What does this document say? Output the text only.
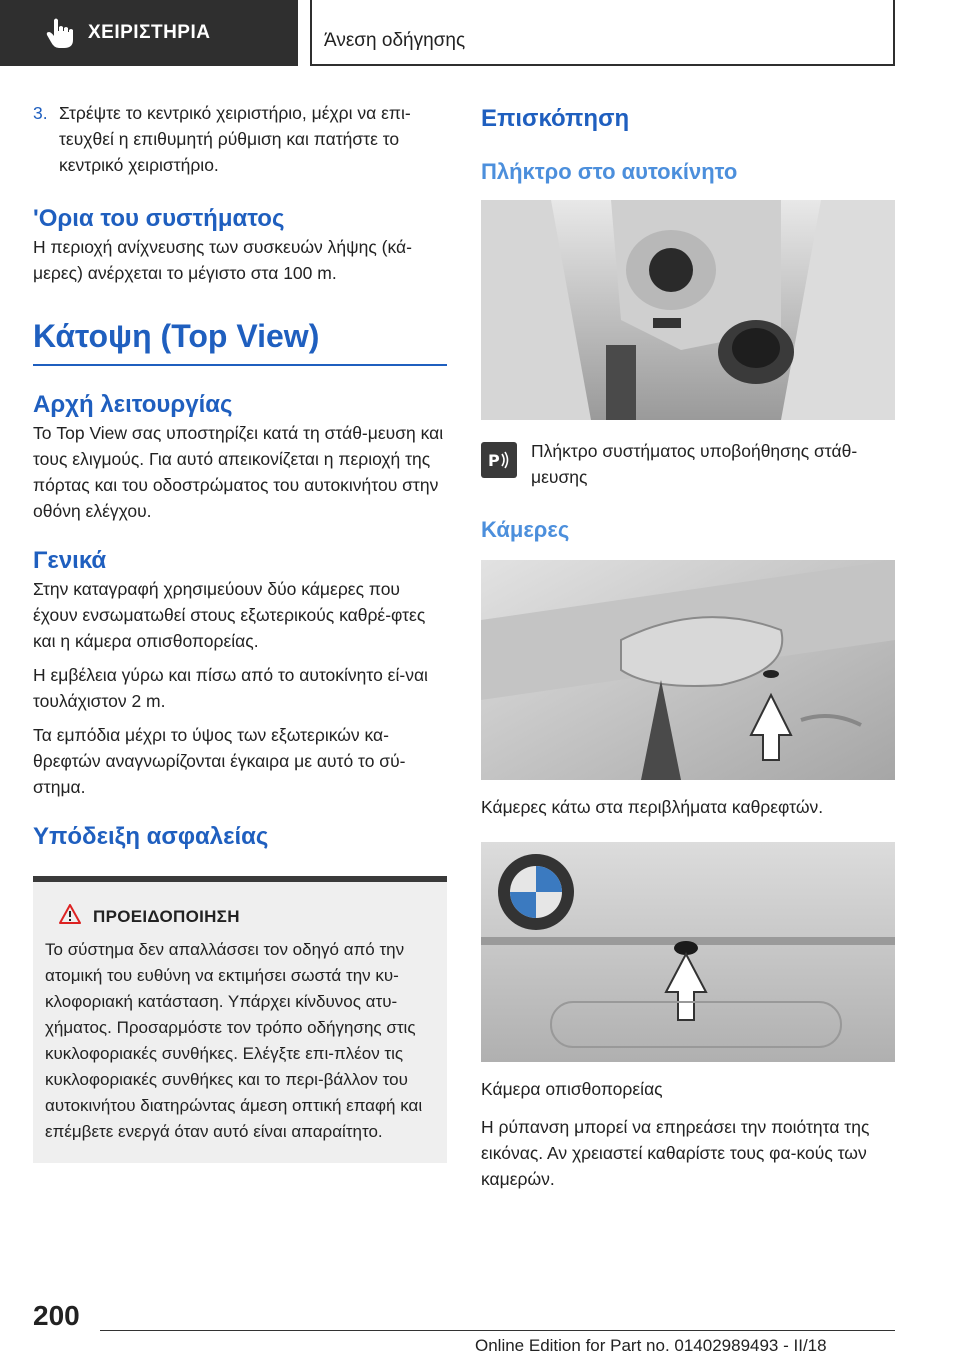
ΧΕΙΡΙΣΤΗΡΙΑ	Άνεση οδήγησης
3. Στρέψτε το κεντρικό χειριστήριο, μέχρι να επι-τευχθεί η επιθυμητή ρύθμιση και πατήστε το κεντρικό χειριστήριο.
'Ορια του συστήματος

Η περιοχή ανίχνευσης των συσκευών λήψης (κά-μερες) ανέρχεται το μέγιστο στα 100 m.

Κάτοψη (Top View)
Αρχή λειτουργίας

Το Top View σας υποστηρίζει κατά τη στάθ-μευση και τους ελιγμούς. Για αυτό απεικονίζεται η περιοχή της πόρτας και του οδοστρώματος του αυτοκινήτου στην οθόνη ελέγχου.

Γενικά

Στην καταγραφή χρησιμεύουν δύο κάμερες που έχουν ενσωματωθεί στους εξωτερικούς καθρέ-φτες και η κάμερα οπισθοπορείας.

Η εμβέλεια γύρω και πίσω από το αυτοκίνητο εί-ναι τουλάχιστον 2 m.

Τα εμπόδια μέχρι το ύψος των εξωτερικών κα-θρεφτών αναγνωρίζονται έγκαιρα με αυτό το σύ-στημα.

Υπόδειξη ασφαλείας
ΠΡΟΕΙΔΟΠΟΙΗΣΗ

Το σύστημα δεν απαλλάσσει τον οδηγό από την ατομική του ευθύνη να εκτιμήσει σωστά την κυ-κλοφοριακή κατάσταση. Υπάρχει κίνδυνος ατυ-χήματος. Προσαρμόστε τον τρόπο οδήγησης στις κυκλοφοριακές συνθήκες. Ελέγξτε επι-πλέον τις κυκλοφοριακές συνθήκες και το περι-βάλλον του αυτοκινήτου διατηρώντας άμεση οπτική επαφή και επέμβετε ενεργά όταν αυτό είναι απαραίτητο.

Επισκόπηση
Πλήκτρο στο αυτοκίνητο
P Πλήκτρο συστήματος υποβοήθησης στάθ-μευσης

Κάμερες

Κάμερες κάτω στα περιβλήματα καθρεφτών.

Κάμερα οπισθοπορείας

Η ρύπανση μπορεί να επηρεάσει την ποιότητα της εικόνας. Αν χρειαστεί καθαρίστε τους φα-κούς των καμερών.

200
Online Edition for Part no. 01402989493 - II/18
